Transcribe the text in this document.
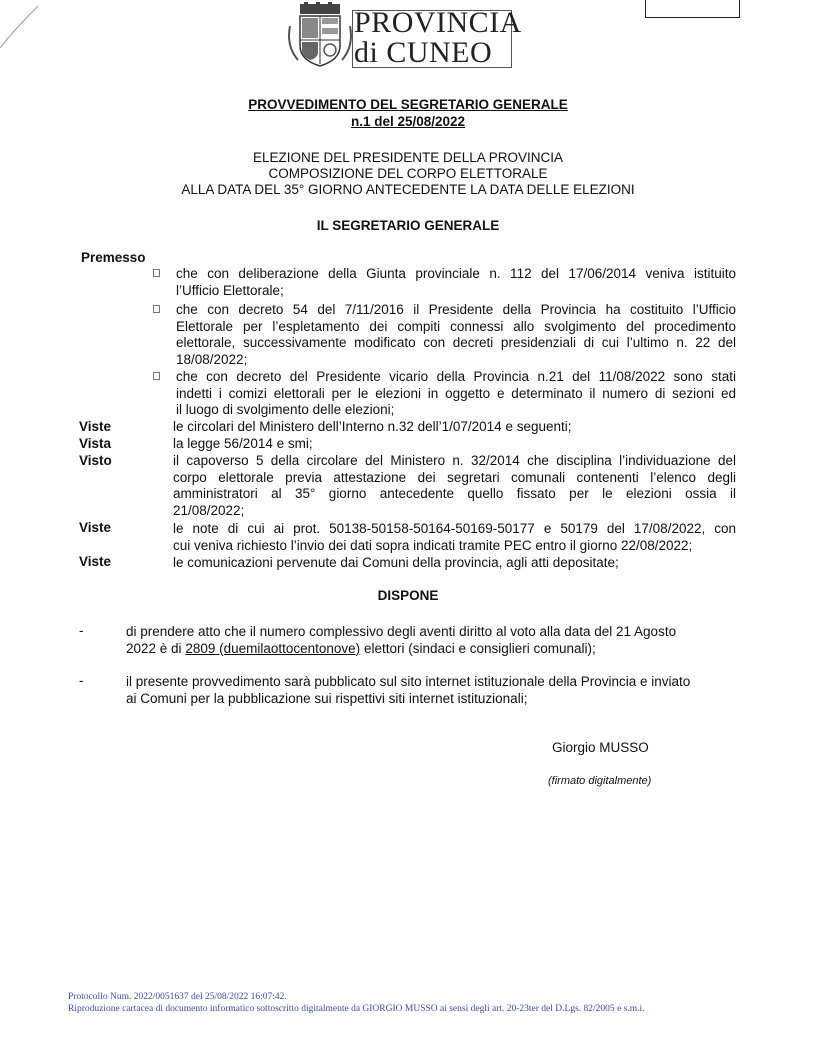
PROVINCIA
di CUNEO
PROVVEDIMENTO DEL SEGRETARIO GENERALE
n.1 del 25/08/2022
ELEZIONE DEL PRESIDENTE DELLA PROVINCIA
COMPOSIZIONE DEL CORPO ELETTORALE
ALLA DATA DEL 35° GIORNO ANTECEDENTE LA DATA DELLE ELEZIONI
IL SEGRETARIO GENERALE
Premesso
che con deliberazione della Giunta provinciale n. 112 del 17/06/2014 veniva istituito
l’Ufficio Elettorale;
che con decreto 54 del 7/11/2016 il Presidente della Provincia ha costituito l’Ufficio
Elettorale per l’espletamento dei compiti connessi allo svolgimento del procedimento
elettorale, successivamente modificato con decreti presidenziali di cui l’ultimo n. 22 del
18/08/2022;
che con decreto del Presidente vicario della Provincia n.21 del 11/08/2022 sono stati
indetti i comizi elettorali per le elezioni in oggetto e determinato il numero di sezioni ed
il luogo di svolgimento delle elezioni;
Viste	le circolari del Ministero dell’Interno n.32 dell’1/07/2014 e seguenti;
Vista	la legge 56/2014 e smi;
Visto	il capoverso 5 della circolare del Ministero n. 32/2014 che disciplina l’individuazione del
corpo elettorale previa attestazione dei segretari comunali contenenti l’elenco degli
amministratori al 35° giorno antecedente quello fissato per le elezioni ossia il
21/08/2022;
Viste	le note di cui ai prot. 50138-50158-50164-50169-50177 e 50179 del 17/08/2022, con
cui veniva richiesto l’invio dei dati sopra indicati tramite PEC entro il giorno 22/08/2022;
Viste	le comunicazioni pervenute dai Comuni della provincia, agli atti depositate;
DISPONE
-	di prendere atto che il numero complessivo degli aventi diritto al voto alla data del 21 Agosto
2022 è di 2809 (duemilaottocentonove) elettori (sindaci e consiglieri comunali);
-	il presente provvedimento sarà pubblicato sul sito internet istituzionale della Provincia e inviato
ai Comuni per la pubblicazione sui rispettivi siti internet istituzionali;
Giorgio MUSSO
(firmato digitalmente)
Protocollo Num. 2022/0051637 del 25/08/2022 16:07:42.
Riproduzione cartacea di documento informatico sottoscritto digitalmente da GIORGIO MUSSO ai sensi degli art. 20-23ter del D.Lgs. 82/2005 e s.m.i.
